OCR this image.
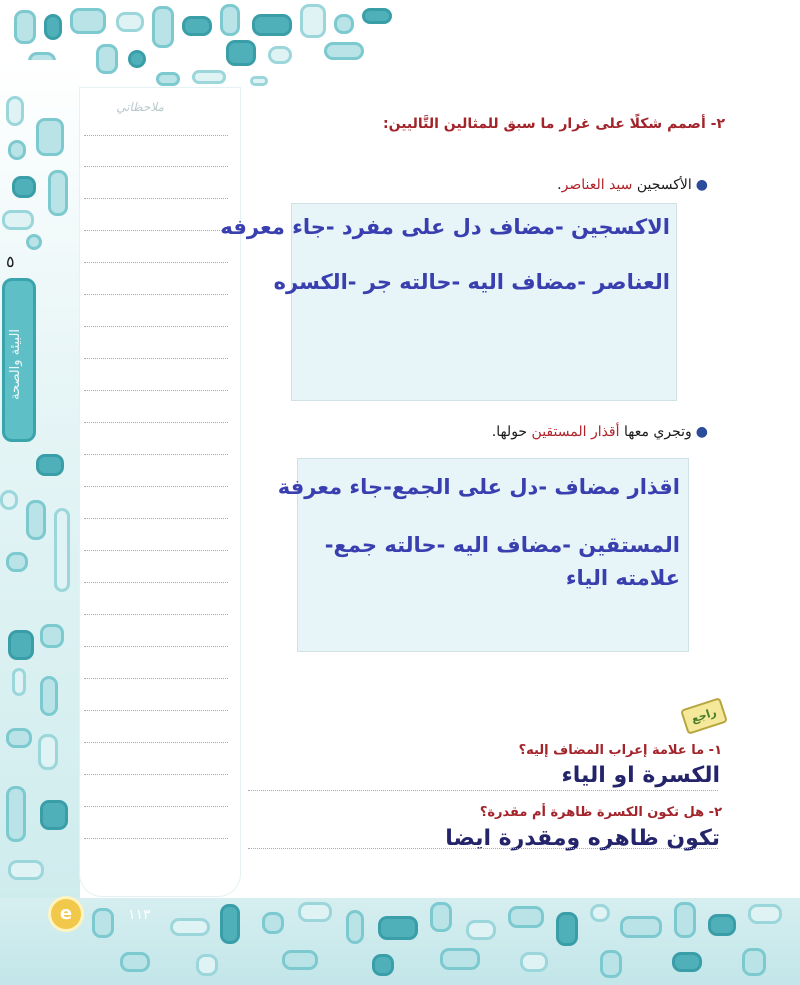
٥
البيئة والصحة
ملاحظاتي
٢- أصمم شكلًا على غرار ما سبق للمثالين التَّاليين:
●الأكسجين سيد العناصر.
الاكسجين -مضاف دل على مفرد -جاء معرفه
العناصر -مضاف اليه -حالته جر -الكسره
●وتجري معها أقذار المستقين حولها.
اقذار مضاف -دل على الجمع-جاء معرفة
المستقين -مضاف اليه -حالته جمع-
علامته الياء
راجع
١- ما علامة إعراب المضاف إليه؟
الكسرة او الياء
٢- هل تكون الكسرة ظاهرة أم مقدرة؟
تكون ظاهره ومقدرة ايضا
e	١١٣
